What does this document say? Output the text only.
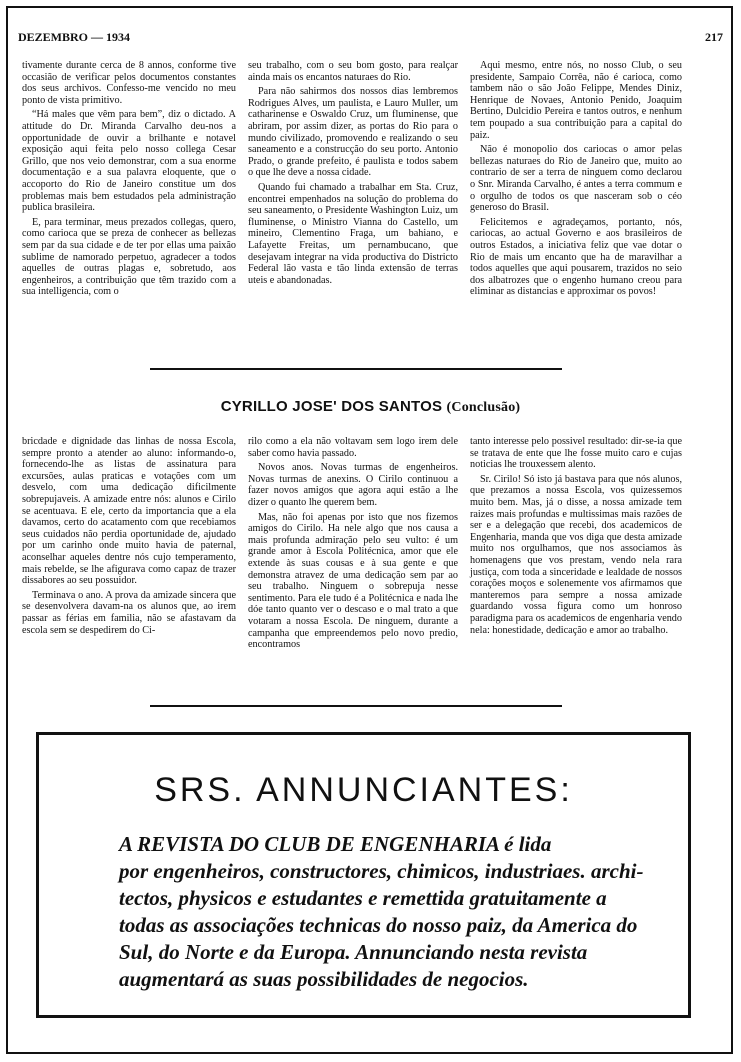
DEZEMBRO — 1934	217

tivamente durante cerca de 8 annos, conforme tive occasião de verificar pelos documentos constantes dos seus archivos. Confesso-me vencido no meu ponto de vista primitivo.

“Há males que vêm para bem”, diz o dictado. A attitude do Dr. Miranda Carvalho deu-nos a opportunidade de ouvir a brilhante e notavel exposição aqui feita pelo nosso collega Cesar Grillo, que nos veio demonstrar, com a sua enorme documentação e a sua palavra eloquente, que o accoporto do Rio de Janeiro constitue um dos problemas mais bem estudados pela administração publica brasileira.

E, para terminar, meus prezados collegas, quero, como carioca que se preza de conhecer as bellezas sem par da sua cidade e de ter por ellas uma paixão sublime de namorado perpetuo, agradecer a todos aquelles de outras plagas e, sobretudo, aos engenheiros, a contribuição que têm trazido com a sua intelligencia, com o

seu trabalho, com o seu bom gosto, para realçar ainda mais os encantos naturaes do Rio.

Para não sahirmos dos nossos dias lembremos Rodrigues Alves, um paulista, e Lauro Muller, um catharinense e Oswaldo Cruz, um fluminense, que abriram, por assim dizer, as portas do Rio para o mundo civilizado, promovendo e realizando o seu saneamento e a construcção do seu porto. Antonio Prado, o grande prefeito, é paulista e todos sabem o que lhe deve a nossa cidade.

Quando fui chamado a trabalhar em Sta. Cruz, encontrei empenhados na solução do problema do seu saneamento, o Presidente Washington Luiz, um fluminense, o Ministro Vianna do Castello, um mineiro, Clementino Fraga, um bahiano, e Lafayette Freitas, um pernambucano, que desejavam integrar na vida productiva do Districto Federal lão vasta e tão linda extensão de terras uteis e abandonadas.

Aqui mesmo, entre nós, no nosso Club, o seu presidente, Sampaio Corrêa, não é carioca, como tambem não o são João Felippe, Mendes Diniz, Henrique de Novaes, Antonio Penido, Joaquim Bertino, Dulcidio Pereira e tantos outros, e nenhum tem poupado a sua contribuição para a capital do paiz.

Não é monopolio dos cariocas o amor pelas bellezas naturaes do Rio de Janeiro que, muito ao contrario de ser a terra de ninguem como declarou o Snr. Miranda Carvalho, é antes a terra commum e o orgulho de todos os que nasceram sob o céo generoso do Brasil.

Felicitemos e agradeçamos, portanto, nós, cariocas, ao actual Governo e aos brasileiros de outros Estados, a iniciativa feliz que vae dotar o Rio de mais um encanto que ha de maravilhar a todos aquelles que aqui pousarem, trazidos no seio dos albatrozes que o engenho humano creou para eliminar as distancias e approximar os povos!

CYRILLO JOSE' DOS SANTOS (Conclusão)

bricdade e dignidade das linhas de nossa Escola, sempre pronto a atender ao aluno: informando-o, fornecendo-lhe as listas de assinatura para excursões, aulas praticas e votações com um desvelo, com uma dedicação dificilmente sobrepujaveis. A amizade entre nós: alunos e Cirilo se acentuava. E ele, certo da importancia que a ela davamos, certo do acatamento com que recebiamos seus cuidados não perdia oportunidade de, ajudado por um carinho onde muito havia de paternal, aconselhar aqueles dentre nós cujo temperamento, mais rebelde, se lhe afigurava como capaz de trazer dissabores ao seu possuidor.

Terminava o ano. A prova da amizade sincera que se desenvolvera davam-na os alunos que, ao irem passar as férias em familia, não se afastavam da escola sem se despedirem do Ci-

rilo como a ela não voltavam sem logo irem dele saber como havia passado.

Novos anos. Novas turmas de engenheiros. Novas turmas de anexins. O Cirilo continuou a fazer novos amigos que agora aqui estão a lhe dizer o quanto lhe querem bem.

Mas, não foi apenas por isto que nos fizemos amigos do Cirilo. Ha nele algo que nos causa a mais profunda admiração pelo seu vulto: é um grande amor à Escola Politécnica, amor que ele extende às suas cousas e à sua gente e que demonstra atravez de uma dedicação sem par ao seu trabalho. Ninguem o sobrepuja nesse sentimento. Para ele tudo é a Politécnica e nada lhe dóe tanto quanto ver o descaso e o mal trato a que votaram a nossa Escola. De ninguem, durante a campanha que empreendemos pelo novo predio, encontramos

tanto interesse pelo possivel resultado: dir-se-ia que se tratava de ente que lhe fosse muito caro e cujas noticias lhe trouxessem alento.

Sr. Cirilo! Só isto já bastava para que nós alunos, que prezamos a nossa Escola, vos quizessemos muito bem. Mas, já o disse, a nossa amizade tem raizes mais profundas e multissimas mais razões de ser e a delegação que recebi, dos academicos de Engenharia, manda que vos diga que desta amizade muito nos orgulhamos, que nos associamos às homenagens que vos prestam, vendo nela rara justiça, com toda a sinceridade e lealdade de nossos corações moços e solenemente vos afirmamos que manteremos para sempre a nossa amizade guardando vossa figura como um honroso paradigma para os academicos de engenharia vendo nela: honestidade, dedicação e amor ao trabalho.

SRS. ANNUNCIANTES:
A REVISTA DO CLUB DE ENGENHARIA é lida
por engenheiros, constructores, chimicos, industriaes. archi-
tectos, physicos e estudantes e remettida gratuitamente a
todas as associações technicas do nosso paiz, da America do
Sul, do Norte e da Europa. Annunciando nesta revista
augmentará as suas possibilidades de negocios.
